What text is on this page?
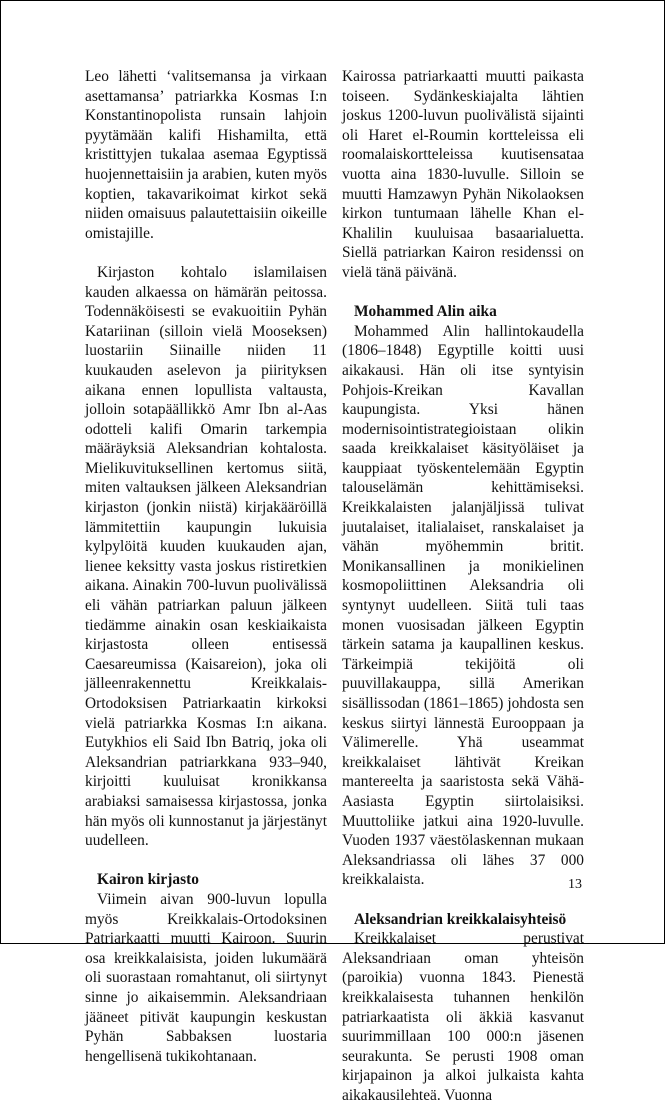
Leo lähetti ‘valitsemansa ja virkaan asettamansa’ patriarkka Kosmas I:n Konstantinopolista runsain lahjoin pyytämään kalifi Hishamilta, että kristittyjen tukalaa asemaa Egyptissä huojennettaisiin ja arabien, kuten myös koptien, takavarikoimat kirkot sekä niiden omaisuus palautettaisiin oikeille omistajille.

Kirjaston kohtalo islamilaisen kauden alkaessa on hämärän peitossa. Todennäköisesti se evakuoitiin Pyhän Katariinan (silloin vielä Mooseksen) luostariin Siinaille niiden 11 kuukauden aselevon ja piirityksen aikana ennen lopullista valtausta, jolloin sotapäällikkö Amr Ibn al-Aas odotteli kalifi Omarin tarkempia määräyksiä Aleksandrian kohtalosta. Mielikuvituksellinen kertomus siitä, miten valtauksen jälkeen Aleksandrian kirjaston (jonkin niistä) kirjakääröillä lämmitettiin kaupungin lukuisia kylpylöitä kuuden kuukauden ajan, lienee keksitty vasta joskus ristiretkien aikana. Ainakin 700-luvun puolivälissä eli vähän patriarkan paluun jälkeen tiedämme ainakin osan keskiaikaista kirjastosta olleen entisessä Caesareumissa (Kaisareion), joka oli jälleenrakennettu Kreikkalais-Ortodoksisen Patriarkaatin kirkoksi vielä patriarkka Kosmas I:n aikana. Eutykhios eli Said Ibn Batriq, joka oli Aleksandrian patriarkkana 933–940, kirjoitti kuuluisat kronikkansa arabiaksi samaisessa kirjastossa, jonka hän myös oli kunnostanut ja järjestänyt uudelleen.

Kairon kirjasto

Viimein aivan 900-luvun lopulla myös Kreikkalais-Ortodoksinen Patriarkaatti muutti Kairoon. Suurin osa kreikkalaisista, joiden lukumäärä oli suorastaan romahtanut, oli siirtynyt sinne jo aikaisemmin. Aleksandriaan jääneet pitivät kaupungin keskustan Pyhän Sabbaksen luostaria hengellisenä tukikohtanaan.

Kairossa patriarkaatti muutti paikasta toiseen. Sydänkeskiajalta lähtien joskus 1200-luvun puolivälistä sijainti oli Haret el-Roumin kortteleissa eli roomalaiskortteleissa kuutisensataa vuotta aina 1830-luvulle. Silloin se muutti Hamzawyn Pyhän Nikolaoksen kirkon tuntumaan lähelle Khan el-Khalilin kuuluisaa basaarialuetta. Siellä patriarkan Kairon residenssi on vielä tänä päivänä.

Mohammed Alin aika

Mohammed Alin hallintokaudella (1806–1848) Egyptille koitti uusi aikakausi. Hän oli itse syntyisin Pohjois-Kreikan Kavallan kaupungista. Yksi hänen modernisointistrategioistaan olikin saada kreikkalaiset käsityöläiset ja kauppiaat työskentelemään Egyptin talouselämän kehittämiseksi. Kreikkalaisten jalanjäljissä tulivat juutalaiset, italialaiset, ranskalaiset ja vähän myöhemmin britit. Monikansallinen ja monikielinen kosmopoliittinen Aleksandria oli syntynyt uudelleen. Siitä tuli taas monen vuosisadan jälkeen Egyptin tärkein satama ja kaupallinen keskus. Tärkeimpiä tekijöitä oli puuvillakauppa, sillä Amerikan sisällissodan (1861–1865) johdosta sen keskus siirtyi lännestä Eurooppaan ja Välimerelle. Yhä useammat kreikkalaiset lähtivät Kreikan mantereelta ja saaristosta sekä Vähä-Aasiasta Egyptin siirtolaisiksi. Muuttoliike jatkui aina 1920-luvulle. Vuoden 1937 väestölaskennan mukaan Aleksandriassa oli lähes 37 000 kreikkalaista.

Aleksandrian kreikkalaisyhteisö

Kreikkalaiset perustivat Aleksandriaan oman yhteisön (paroikia) vuonna 1843. Pienestä kreikkalaisesta tuhannen henkilön patriarkaatista oli äkkiä kasvanut suurimmillaan 100 000:n jäsenen seurakunta. Se perusti 1908 oman kirjapainon ja alkoi julkaista kahta aikakausilehteä. Vuonna

13
